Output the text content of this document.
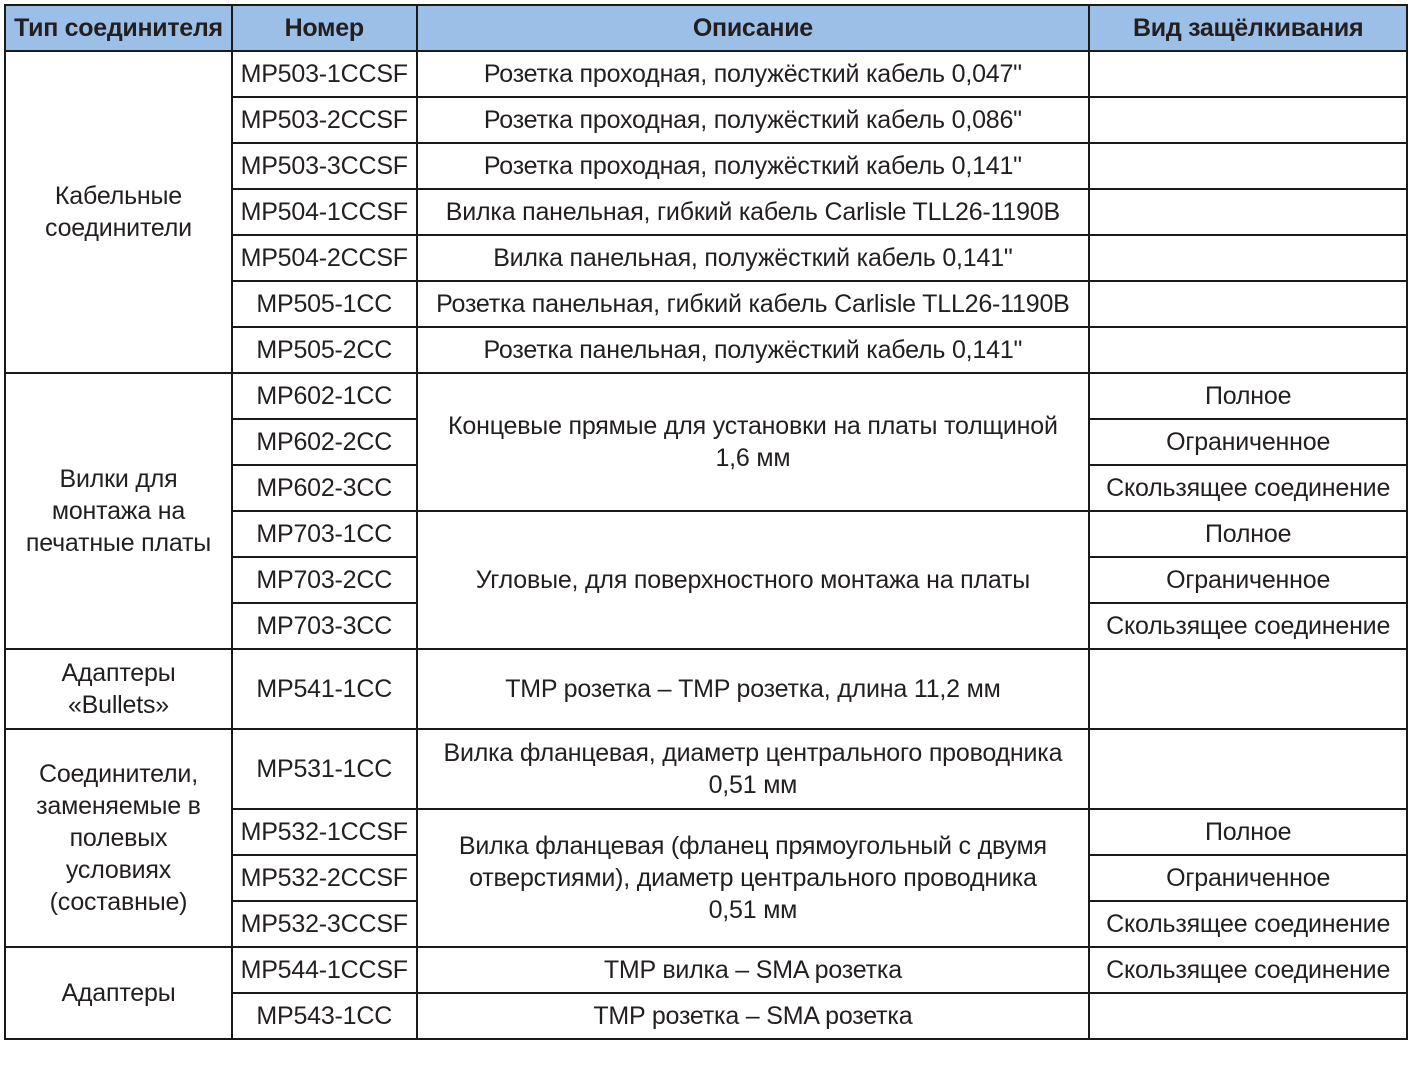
Тип соединителя	Номер	Описание	Вид защёлкивания
Кабельные соединители	MP503-1CCSF	Розетка проходная, полужёсткий кабель 0,047"	
	MP503-2CCSF	Розетка проходная, полужёсткий кабель 0,086"	
	MP503-3CCSF	Розетка проходная, полужёсткий кабель 0,141"	
	MP504-1CCSF	Вилка панельная, гибкий кабель Carlisle TLL26-1190B	
	MP504-2CCSF	Вилка панельная, полужёсткий кабель 0,141"	
	MP505-1CC	Розетка панельная, гибкий кабель Carlisle TLL26-1190B	
	MP505-2CC	Розетка панельная, полужёсткий кабель 0,141"	
Вилки для монтажа на печатные платы	MP602-1CC	Концевые прямые для установки на платы толщиной 1,6 мм	Полное
	MP602-2CC		Ограниченное
	MP602-3CC		Скользящее соединение
	MP703-1CC	Угловые, для поверхностного монтажа на платы	Полное
	MP703-2CC		Ограниченное
	MP703-3CC		Скользящее соединение
Адаптеры «Bullets»	MP541-1CC	TMP розетка – TMP розетка, длина 11,2 мм	
Соединители, заменяемые в полевых условиях (составные)	MP531-1CC	Вилка фланцевая, диаметр центрального проводника 0,51 мм	
	MP532-1CCSF	Вилка фланцевая (фланец прямоугольный с двумя отверстиями), диаметр центрального проводника 0,51 мм	Полное
	MP532-2CCSF		Ограниченное
	MP532-3CCSF		Скользящее соединение
Адаптеры	MP544-1CCSF	TMP вилка – SMA розетка	Скользящее соединение
	MP543-1CC	TMP розетка – SMA розетка	
